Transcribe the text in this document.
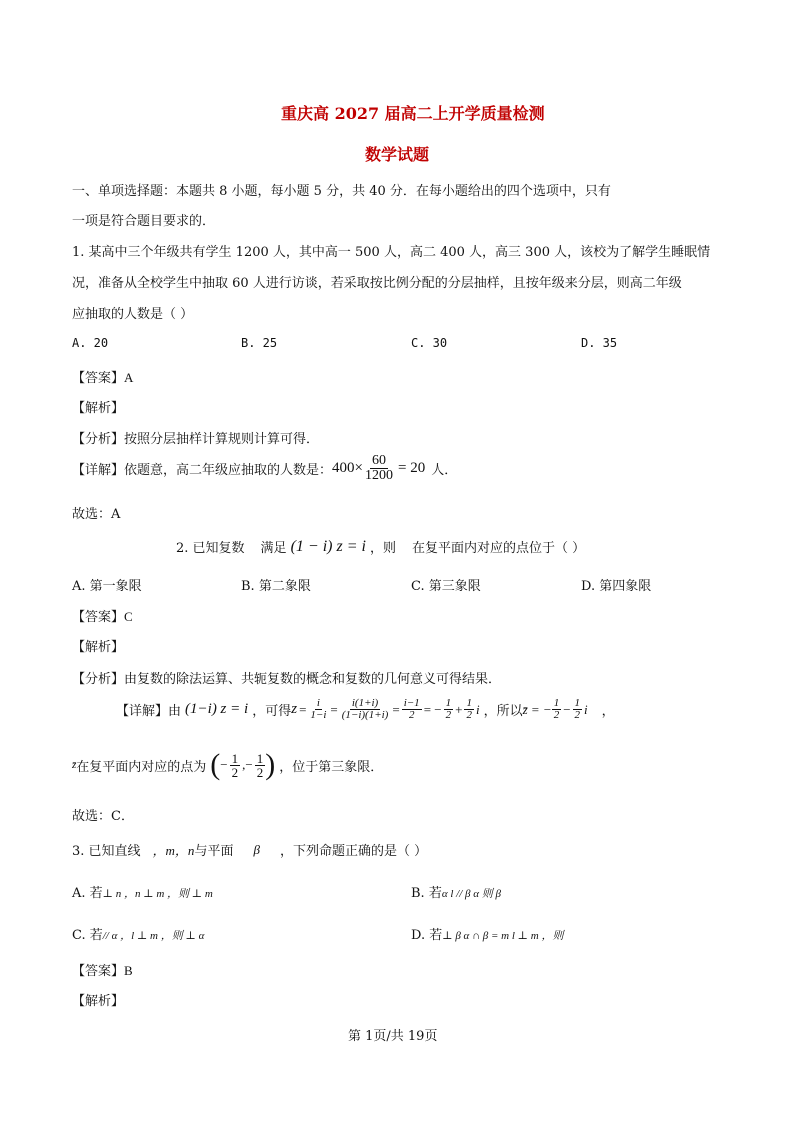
重庆高 2027 届高二上开学质量检测
数学试题
一、单项选择题：本题共 8 小题，每小题 5 分，共 40 分．在每小题给出的四个选项中，只有
一项是符合题目要求的．
1. 某高中三个年级共有学生 1200 人，其中高一 500 人，高二 400 人，高三 300 人，该校为了解学生睡眠情
况，准备从全校学生中抽取 60 人进行访谈，若采取按比例分配的分层抽样，且按年级来分层，则高二年级
应抽取的人数是（ ）
A. 20	B. 25	C. 30	D. 35
【答案】A
【解析】
【分析】按照分层抽样计算规则计算可得．
【详解】 依题意，高二年级应抽取的人数是： $400\times \frac{60}{1200} = 20$ 人．
故选：A
2. 已知复数 满足 (1 − i) z = i ，则 在复平面内对应的点位于（ ）
A. 第一象限	B. 第二象限	C. 第三象限	D. 第四象限
【答案】C
【解析】
【分析】由复数的除法运算、共轭复数的概念和复数的几何意义可得结果．
【详解】 由 (1−i) z = i ，可得 $z = \frac{i}{1-i} = \frac{i(1+i)}{(1-i)(1+i)} = \frac{i-1}{2}$ = − $\frac{1}{2} + \frac{1}{2}$ i ，所以 z̄ = − $\frac{1}{2} - \frac{1}{2}$ i ，
z̄ 在复平面内对应的点为 ( − $\frac{1}{2}$ ,− $\frac{1}{2}$ ) ，位于第三象限．
故选：C．
3. 已知直线 ，m，n 与平面 β ，下列命题正确的是（ ）
A. 若⊥ n ，n ⊥ m ，则 ⊥ m	B. 若α l // β α 则 β
C. 若// α ，l ⊥ m ，则 ⊥ α	D. 若⊥ β α ∩ β = m l ⊥ m ，则
【答案】B
【解析】
第 1页/共 19页
